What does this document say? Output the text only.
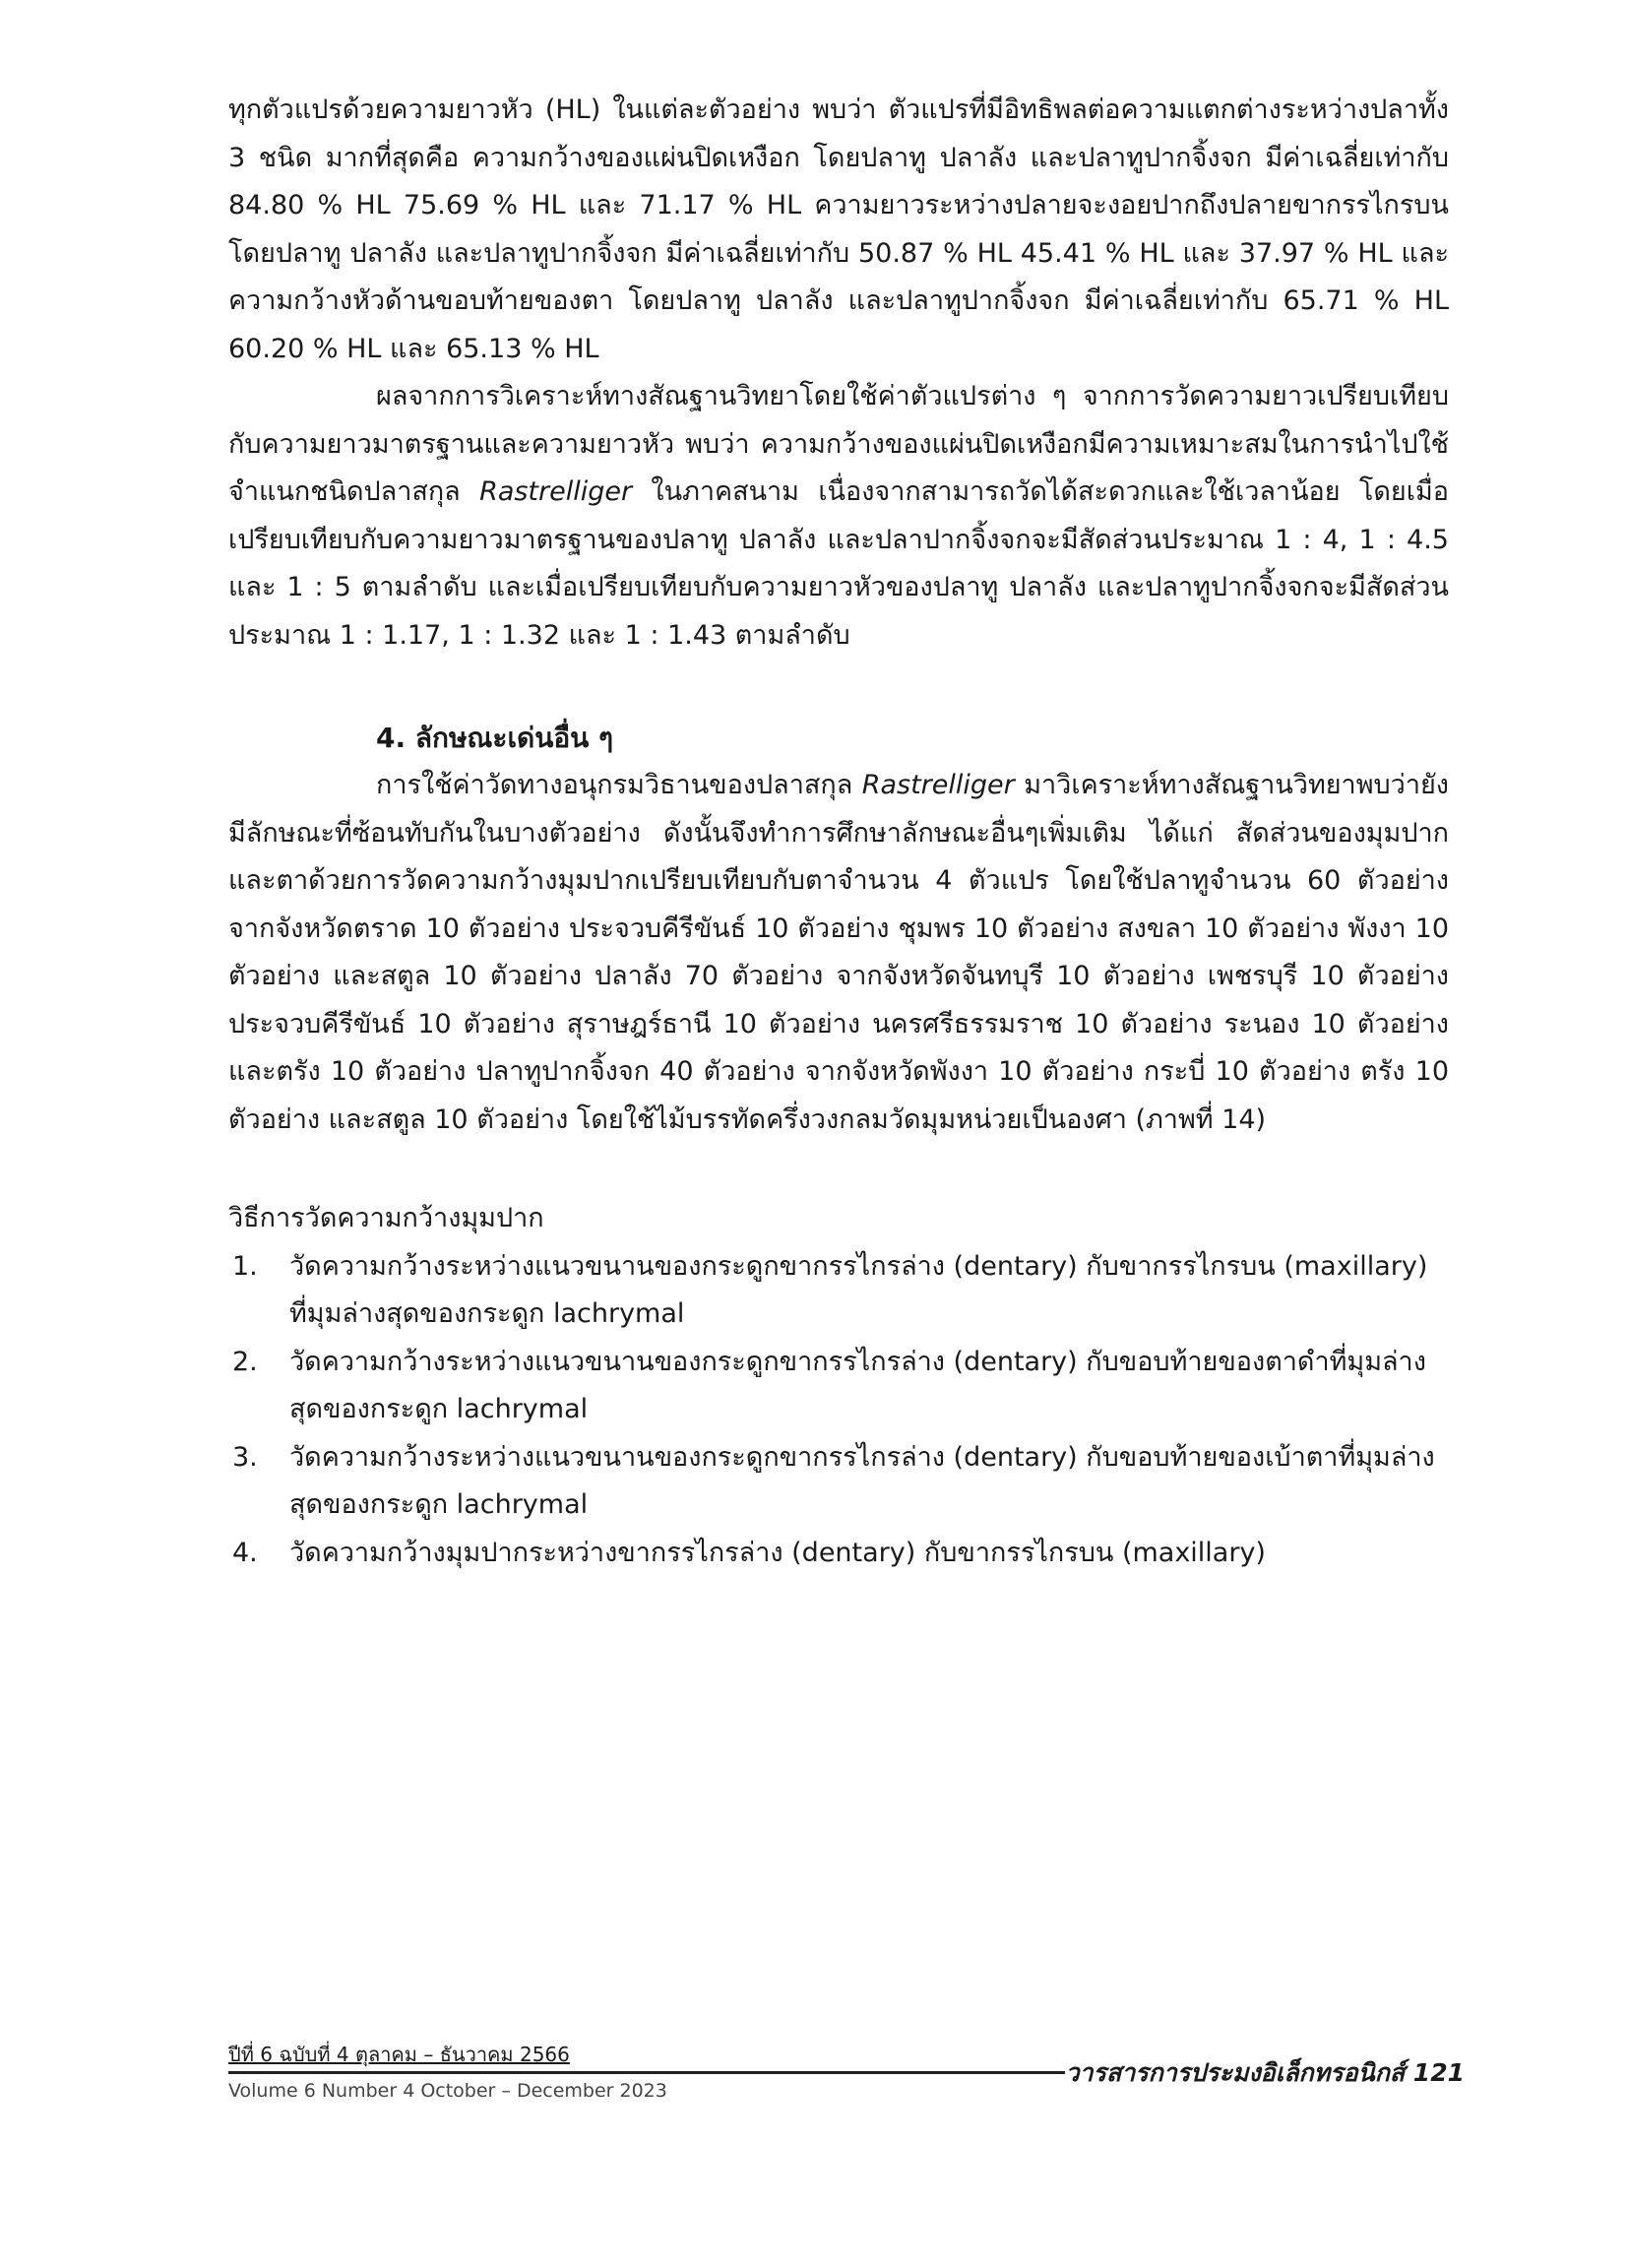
ทุกตัวแปรด้วยความยาวหัว (HL) ในแต่ละตัวอย่าง พบว่า ตัวแปรที่มีอิทธิพลต่อความแตกต่างระหว่างปลาทั้ง 3 ชนิด มากที่สุดคือ ความกว้างของแผ่นปิดเหงือก โดยปลาทู ปลาลัง และปลาทูปากจิ้งจก มีค่าเฉลี่ยเท่ากับ 84.80 % HL 75.69 % HL และ 71.17 % HL ความยาวระหว่างปลายจะงอยปากถึงปลายขากรรไกรบนโดยปลาทู ปลาลัง และปลาทูปากจิ้งจก มีค่าเฉลี่ยเท่ากับ 50.87 % HL 45.41 % HL และ 37.97 % HL และความกว้างหัวด้านขอบท้ายของตา โดยปลาทู ปลาลัง และปลาทูปากจิ้งจก มีค่าเฉลี่ยเท่ากับ 65.71 % HL 60.20 % HL และ 65.13 % HL

ผลจากการวิเคราะห์ทางสัณฐานวิทยาโดยใช้ค่าตัวแปรต่าง ๆ จากการวัดความยาวเปรียบเทียบกับความยาวมาตรฐานและความยาวหัว พบว่า ความกว้างของแผ่นปิดเหงือกมีความเหมาะสมในการนำไปใช้จำแนกชนิดปลาสกุล Rastrelliger ในภาคสนาม เนื่องจากสามารถวัดได้สะดวกและใช้เวลาน้อย โดยเมื่อเปรียบเทียบกับความยาวมาตรฐานของปลาทู ปลาลัง และปลาปากจิ้งจกจะมีสัดส่วนประมาณ 1 : 4, 1 : 4.5 และ 1 : 5 ตามลำดับ และเมื่อเปรียบเทียบกับความยาวหัวของปลาทู ปลาลัง และปลาทูปากจิ้งจกจะมีสัดส่วนประมาณ 1 : 1.17, 1 : 1.32 และ 1 : 1.43 ตามลำดับ

4. ลักษณะเด่นอื่น ๆ

การใช้ค่าวัดทางอนุกรมวิธานของปลาสกุล Rastrelliger มาวิเคราะห์ทางสัณฐานวิทยาพบว่ายังมีลักษณะที่ซ้อนทับกันในบางตัวอย่าง ดังนั้นจึงทำการศึกษาลักษณะอื่นๆเพิ่มเติม ได้แก่ สัดส่วนของมุมปากและตาด้วยการวัดความกว้างมุมปากเปรียบเทียบกับตาจำนวน 4 ตัวแปร โดยใช้ปลาทูจำนวน 60 ตัวอย่างจากจังหวัดตราด 10 ตัวอย่าง ประจวบคีรีขันธ์ 10 ตัวอย่าง ชุมพร 10 ตัวอย่าง สงขลา 10 ตัวอย่าง พังงา 10 ตัวอย่าง และสตูล 10 ตัวอย่าง ปลาลัง 70 ตัวอย่าง จากจังหวัดจันทบุรี 10 ตัวอย่าง เพชรบุรี 10 ตัวอย่าง ประจวบคีรีขันธ์ 10 ตัวอย่าง สุราษฎร์ธานี 10 ตัวอย่าง นครศรีธรรมราช 10 ตัวอย่าง ระนอง 10 ตัวอย่าง และตรัง 10 ตัวอย่าง ปลาทูปากจิ้งจก 40 ตัวอย่าง จากจังหวัดพังงา 10 ตัวอย่าง กระบี่ 10 ตัวอย่าง ตรัง 10 ตัวอย่าง และสตูล 10 ตัวอย่าง โดยใช้ไม้บรรทัดครึ่งวงกลมวัดมุมหน่วยเป็นองศา (ภาพที่ 14)

วิธีการวัดความกว้างมุมปาก

1. วัดความกว้างระหว่างแนวขนานของกระดูกขากรรไกรล่าง (dentary) กับขากรรไกรบน (maxillary) ที่มุมล่างสุดของกระดูก lachrymal
2. วัดความกว้างระหว่างแนวขนานของกระดูกขากรรไกรล่าง (dentary) กับขอบท้ายของตาดำที่มุมล่างสุดของกระดูก lachrymal
3. วัดความกว้างระหว่างแนวขนานของกระดูกขากรรไกรล่าง (dentary) กับขอบท้ายของเบ้าตาที่มุมล่างสุดของกระดูก lachrymal
4. วัดความกว้างมุมปากระหว่างขากรรไกรล่าง (dentary) กับขากรรไกรบน (maxillary)
ปีที่ 6 ฉบับที่ 4 ตุลาคม – ธันวาคม 2566
วารสารการประมงอิเล็กทรอนิกส์ 121
Volume 6 Number 4 October – December 2023
